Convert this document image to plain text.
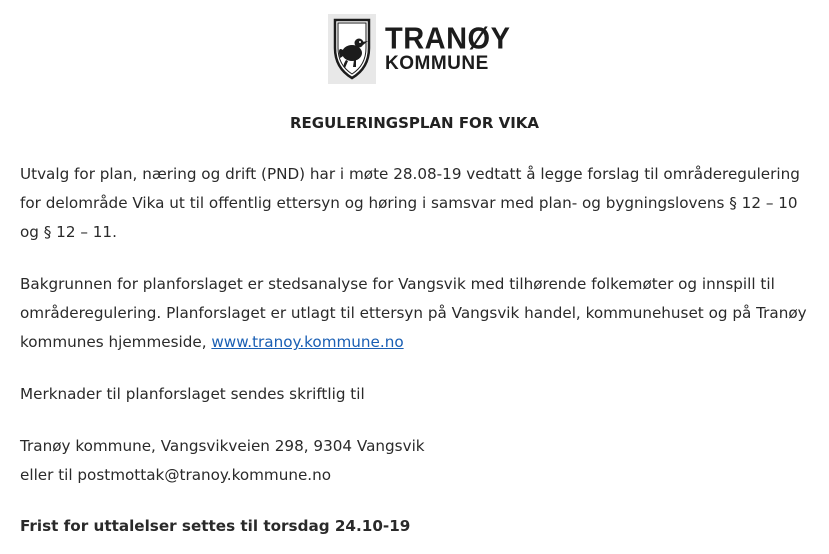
TRANØY
KOMMUNE
REGULERINGSPLAN FOR VIKA

Utvalg for plan, næring og drift (PND) har i møte 28.08-19 vedtatt å legge forslag til områderegulering
for delområde Vika ut til offentlig ettersyn og høring i samsvar med plan- og bygningslovens § 12 – 10
og § 12 – 11.

Bakgrunnen for planforslaget er stedsanalyse for Vangsvik med tilhørende folkemøter og innspill til
områderegulering. Planforslaget er utlagt til ettersyn på Vangsvik handel, kommunehuset og på Tranøy
kommunes hjemmeside, www.tranoy.kommune.no

Merknader til planforslaget sendes skriftlig til

Tranøy kommune, Vangsvikveien 298, 9304 Vangsvik
eller til postmottak@tranoy.kommune.no

Frist for uttalelser settes til torsdag 24.10-19
